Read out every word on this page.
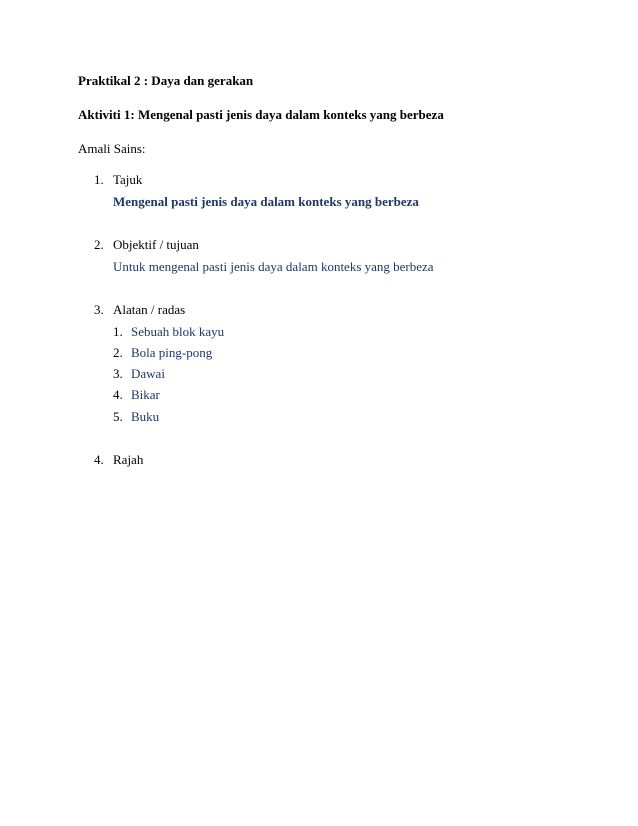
Praktikal 2 : Daya dan gerakan
Aktiviti 1: Mengenal pasti jenis daya dalam konteks yang berbeza
Amali Sains:
1. Tajuk
Mengenal pasti jenis daya dalam konteks yang berbeza
2. Objektif / tujuan
Untuk mengenal pasti jenis daya dalam konteks yang berbeza
3. Alatan / radas
1. Sebuah blok kayu
2. Bola ping-pong
3. Dawai
4. Bikar
5. Buku
4. Rajah
